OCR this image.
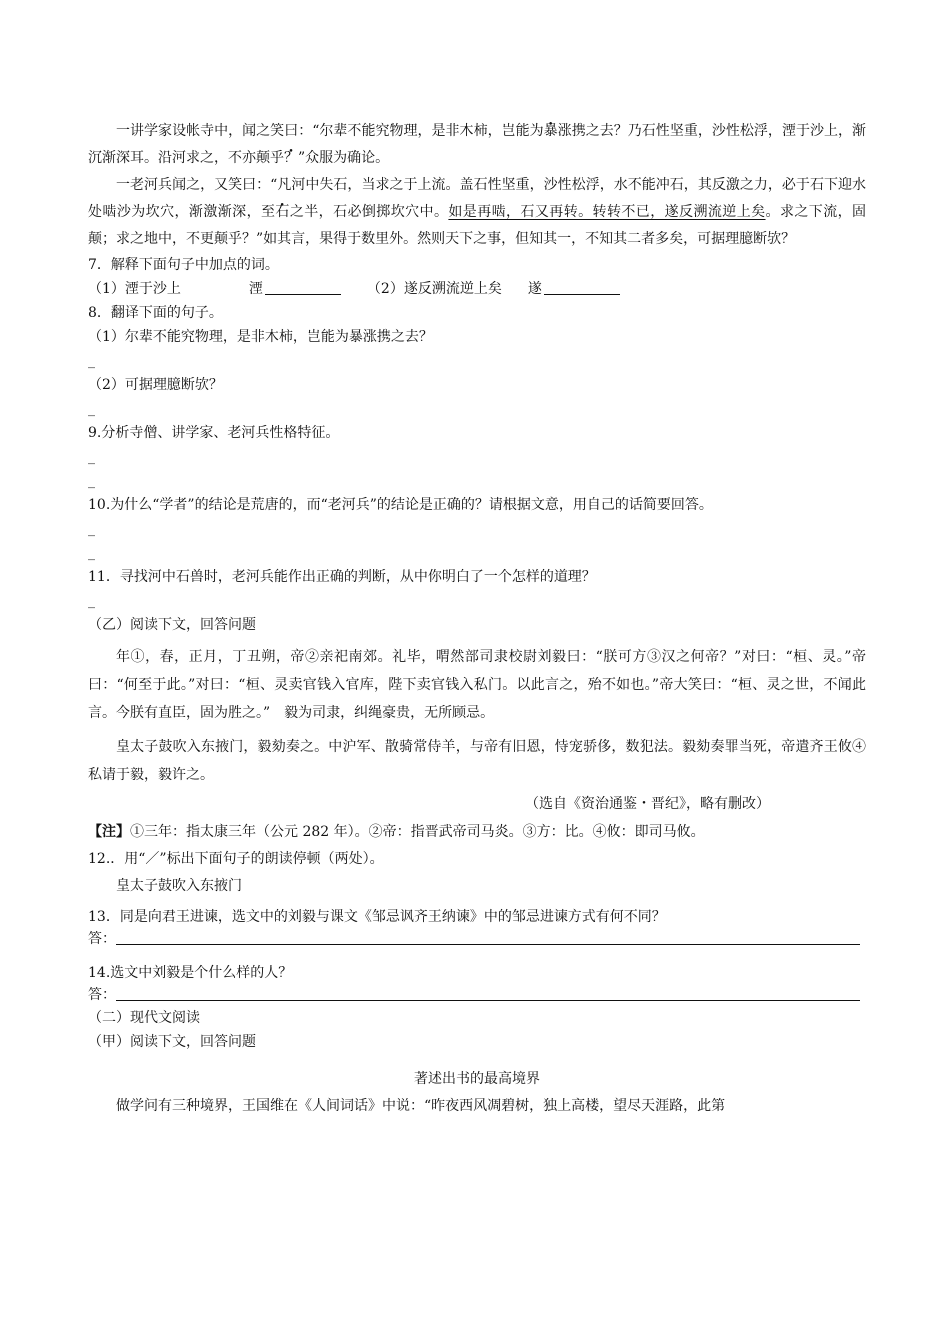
一讲学家设帐寺中，闻之笑曰：“尔辈不能究物理，是非木柿，岂能为暴涨携之去？乃石性坚重，沙性松浮，湮于沙上，渐沉渐深耳。沿河求之，不亦颠乎？”众服为确论。

一老河兵闻之，又笑曰：“凡河中失石，当求之于上流。盖石性坚重，沙性松浮，水不能冲石，其反激之力，必于石下迎水处啮沙为坎穴，渐激渐深，至石之半，石必倒掷坎穴中。如是再啮，石又再转。转转不已，遂反溯流逆上矣。求之下流，固颠；求之地中，不更颠乎？”如其言，果得于数里外。然则天下之事，但知其一，不知其二者多矣，可据理臆断欤？

7．解释下面句子中加点的词。

（1）湮于沙上	湮	（2）遂反溯流逆上矣 遂

8．翻译下面的句子。

（1）尔辈不能究物理，是非木柿，岂能为暴涨携之去？

_

（2）可据理臆断欤？

_

9.分析寺僧、讲学家、老河兵性格特征。

_

_

10.为什么“学者”的结论是荒唐的，而“老河兵”的结论是正确的？请根据文意，用自己的话简要回答。

_

_

11．寻找河中石兽时，老河兵能作出正确的判断，从中你明白了一个怎样的道理？

_

（乙）阅读下文，回答问题

年①，春，正月，丁丑朔，帝②亲祀南郊。礼毕，喟然部司隶校尉刘毅曰：“朕可方③汉之何帝？”对曰：“桓、灵。”帝曰：“何至于此。”对曰：“桓、灵卖官钱入官库，陛下卖官钱入私门。以此言之，殆不如也。”帝大笑曰：“桓、灵之世，不闻此言。今朕有直臣，固为胜之。”　毅为司隶，纠绳豪贵，无所顾忌。

皇太子鼓吹入东掖门，毅劾奏之。中沪军、散骑常侍羊，与帝有旧恩，恃宠骄侈，数犯法。毅劾奏罪当死，帝遣齐王攸④私请于毅，毅许之。

（选自《资治通鉴・晋纪》，略有删改）

【注】①三年：指太康三年（公元 282 年）。②帝：指晋武帝司马炎。③方：比。④攸：即司马攸。

12.．用“／”标出下面句子的朗读停顿（两处）。

皇太子鼓吹入东掖门

13．同是向君王进谏，选文中的刘毅与课文《邹忌讽齐王纳谏》中的邹忌进谏方式有何不同？

答：

14.选文中刘毅是个什么样的人？

答：

（二）现代文阅读

（甲）阅读下文，回答问题

著述出书的最高境界

做学问有三种境界，王国维在《人间词话》中说：“昨夜西风凋碧树，独上高楼，望尽天涯路，此第
